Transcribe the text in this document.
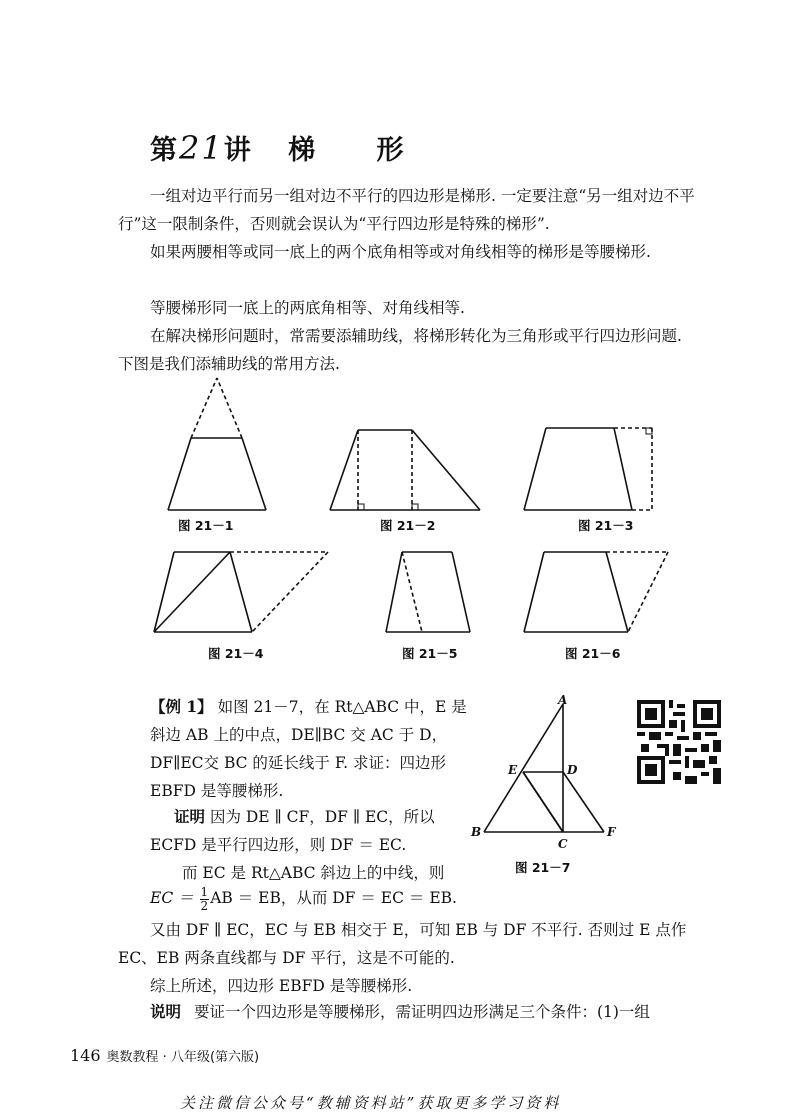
第21讲 梯 形
一组对边平行而另一组对边不平行的四边形是梯形. 一定要注意“另一组对边不平行”这一限制条件，否则就会误认为“平行四边形是特殊的梯形”.
如果两腰相等或同一底上的两个底角相等或对角线相等的梯形是等腰梯形.
等腰梯形同一底上的两底角相等、对角线相等.
在解决梯形问题时，常需要添辅助线，将梯形转化为三角形或平行四边形问题. 下图是我们添辅助线的常用方法.
图 21－1	图 21－2	图 21－3
图 21－4	图 21－5	图 21－6
【例 1】 如图 21－7，在 Rt△ABC 中，E 是斜边 AB 上的中点，DE∥BC 交 AC 于 D，DF∥EC交 BC 的延长线于 F. 求证：四边形 EBFD 是等腰梯形.
证明 因为 DE ∥ CF，DF ∥ EC，所以 ECFD 是平行四边形，则 DF ＝ EC.
而 EC 是 Rt△ABC 斜边上的中线，则
EC ＝ $\frac{1}{2}$ AB ＝ EB，从而 DF ＝ EC ＝ EB.
A
B
C
D
E
F
图 21－7
又由 DF ∥ EC，EC 与 EB 相交于 E，可知 EB 与 DF 不平行. 否则过 E 点作 EC、EB 两条直线都与 DF 平行，这是不可能的.
综上所述，四边形 EBFD 是等腰梯形.
说明 要证一个四边形是等腰梯形，需证明四边形满足三个条件：(1)一组
146 奥数教程 · 八年级(第六版)
关注微信公众号“教辅资料站”获取更多学习资料
